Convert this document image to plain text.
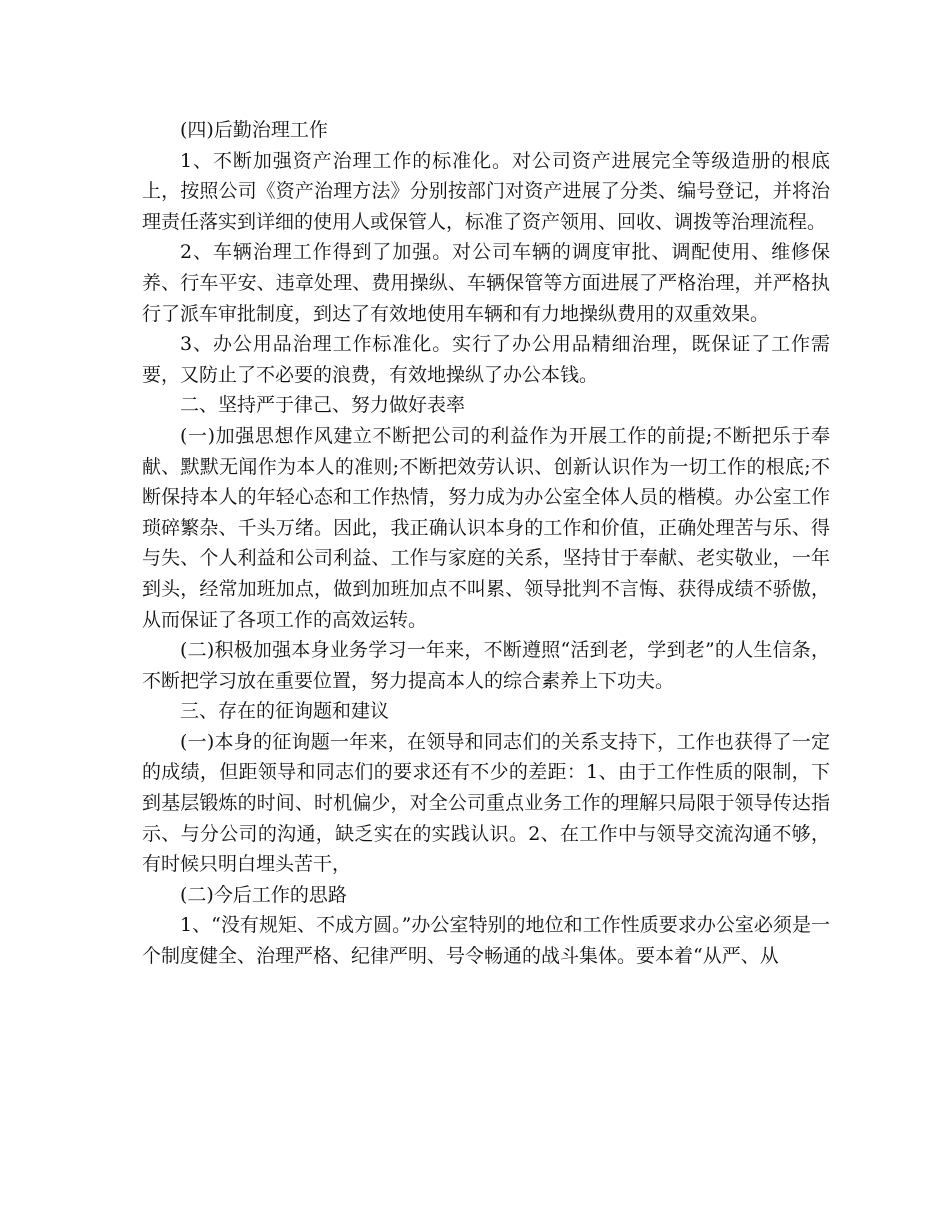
(四)后勤治理工作

1、不断加强资产治理工作的标准化。对公司资产进展完全等级造册的根底上，按照公司《资产治理方法》分别按部门对资产进展了分类、编号登记，并将治理责任落实到详细的使用人或保管人，标准了资产领用、回收、调拨等治理流程。

2、车辆治理工作得到了加强。对公司车辆的调度审批、调配使用、维修保养、行车平安、违章处理、费用操纵、车辆保管等方面进展了严格治理，并严格执行了派车审批制度，到达了有效地使用车辆和有力地操纵费用的双重效果。

3、办公用品治理工作标准化。实行了办公用品精细治理，既保证了工作需要，又防止了不必要的浪费，有效地操纵了办公本钱。

二、坚持严于律己、努力做好表率

(一)加强思想作风建立不断把公司的利益作为开展工作的前提;不断把乐于奉献、默默无闻作为本人的准则;不断把效劳认识、创新认识作为一切工作的根底;不断保持本人的年轻心态和工作热情，努力成为办公室全体人员的楷模。办公室工作琐碎繁杂、千头万绪。因此，我正确认识本身的工作和价值，正确处理苦与乐、得与失、个人利益和公司利益、工作与家庭的关系，坚持甘于奉献、老实敬业，一年到头，经常加班加点，做到加班加点不叫累、领导批判不言悔、获得成绩不骄傲，从而保证了各项工作的高效运转。

(二)积极加强本身业务学习一年来，不断遵照“活到老，学到老”的人生信条，不断把学习放在重要位置，努力提高本人的综合素养上下功夫。

三、存在的征询题和建议

(一)本身的征询题一年来，在领导和同志们的关系支持下，工作也获得了一定的成绩，但距领导和同志们的要求还有不少的差距：1、由于工作性质的限制，下到基层锻炼的时间、时机偏少，对全公司重点业务工作的理解只局限于领导传达指示、与分公司的沟通，缺乏实在的实践认识。2、在工作中与领导交流沟通不够，有时候只明白埋头苦干，

(二)今后工作的思路

1、“没有规矩、不成方圆。”办公室特别的地位和工作性质要求办公室必须是一个制度健全、治理严格、纪律严明、号令畅通的战斗集体。要本着“从严、从
